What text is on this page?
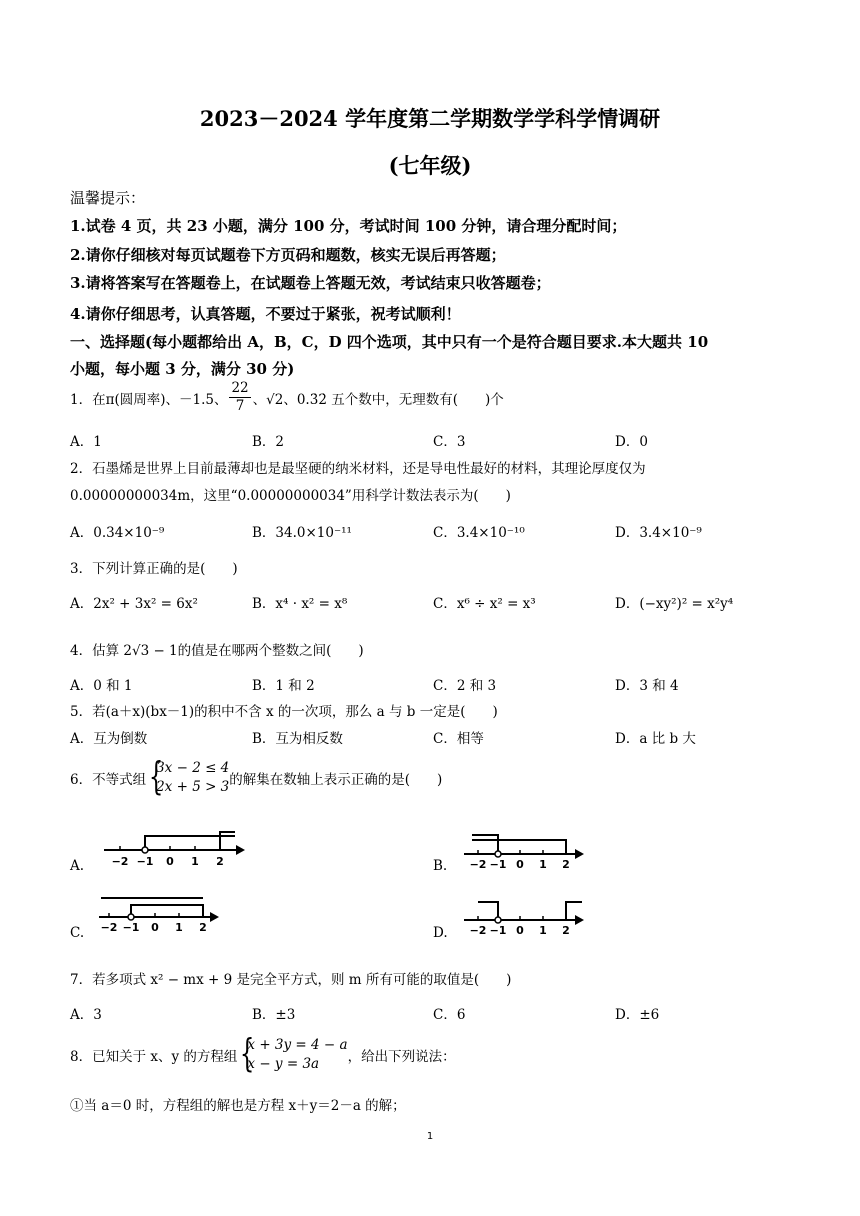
2023－2024 学年度第二学期数学学科学情调研
(七年级)
温馨提示：
1.试卷 4 页，共 23 小题，满分 100 分，考试时间 100 分钟，请合理分配时间；
2.请你仔细核对每页试题卷下方页码和题数，核实无误后再答题；
3.请将答案写在答题卷上，在试题卷上答题无效，考试结束只收答题卷；
4.请你仔细思考，认真答题，不要过于紧张，祝考试顺利！
一、选择题(每小题都给出 A，B，C，D 四个选项，其中只有一个是符合题目要求.本大题共 10
小题，每小题 3 分，满分 30 分)
1．在π(圆周率)、－1.5、 $\frac{22}{7}$ 、√2、0.3̇2̇ 五个数中，无理数有(　　)个
A．1	B．2	C．3	D．0
2．石墨烯是世界上目前最薄却也是最坚硬的纳米材料，还是导电性最好的材料，其理论厚度仅为
0.00000000034m，这里“0.00000000034”用科学计数法表示为(　　)
A．0.34×10⁻⁹	B．34.0×10⁻¹¹	C．3.4×10⁻¹⁰	D．3.4×10⁻⁹
3．下列计算正确的是(　　)
A．2x² + 3x² = 6x²	B．x⁴ · x² = x⁸	C．x⁶ ÷ x² = x³	D．(−xy²)² = x²y⁴
4．估算 2√3 − 1的值是在哪两个整数之间(　　)
A．0 和 1	B．1 和 2	C．2 和 3	D．3 和 4
5．若(a＋x)(bx－1)的积中不含 x 的一次项，那么 a 与 b 一定是(　　)
A．互为倒数	B．互为相反数	C．相等	D．a 比 b 大
6．不等式组
{ 3x − 2 ≤ 4
2x + 5 > 3 的解集在数轴上表示正确的是(　　)
A.	B.
C.	D.
−2 −1 0 1 2	−2 −1 0 1 2
−2 −1 0 1 2	−2 −1 0 1 2
7．若多项式 x² − mx + 9 是完全平方式，则 m 所有可能的取值是(　　)
A．3	B．±3	C．6	D．±6
8．已知关于 x、y 的方程组
{ x + 3y = 4 − a
x − y = 3a	，给出下列说法：
①当 a＝0 时，方程组的解也是方程 x＋y＝2－a 的解；
1
